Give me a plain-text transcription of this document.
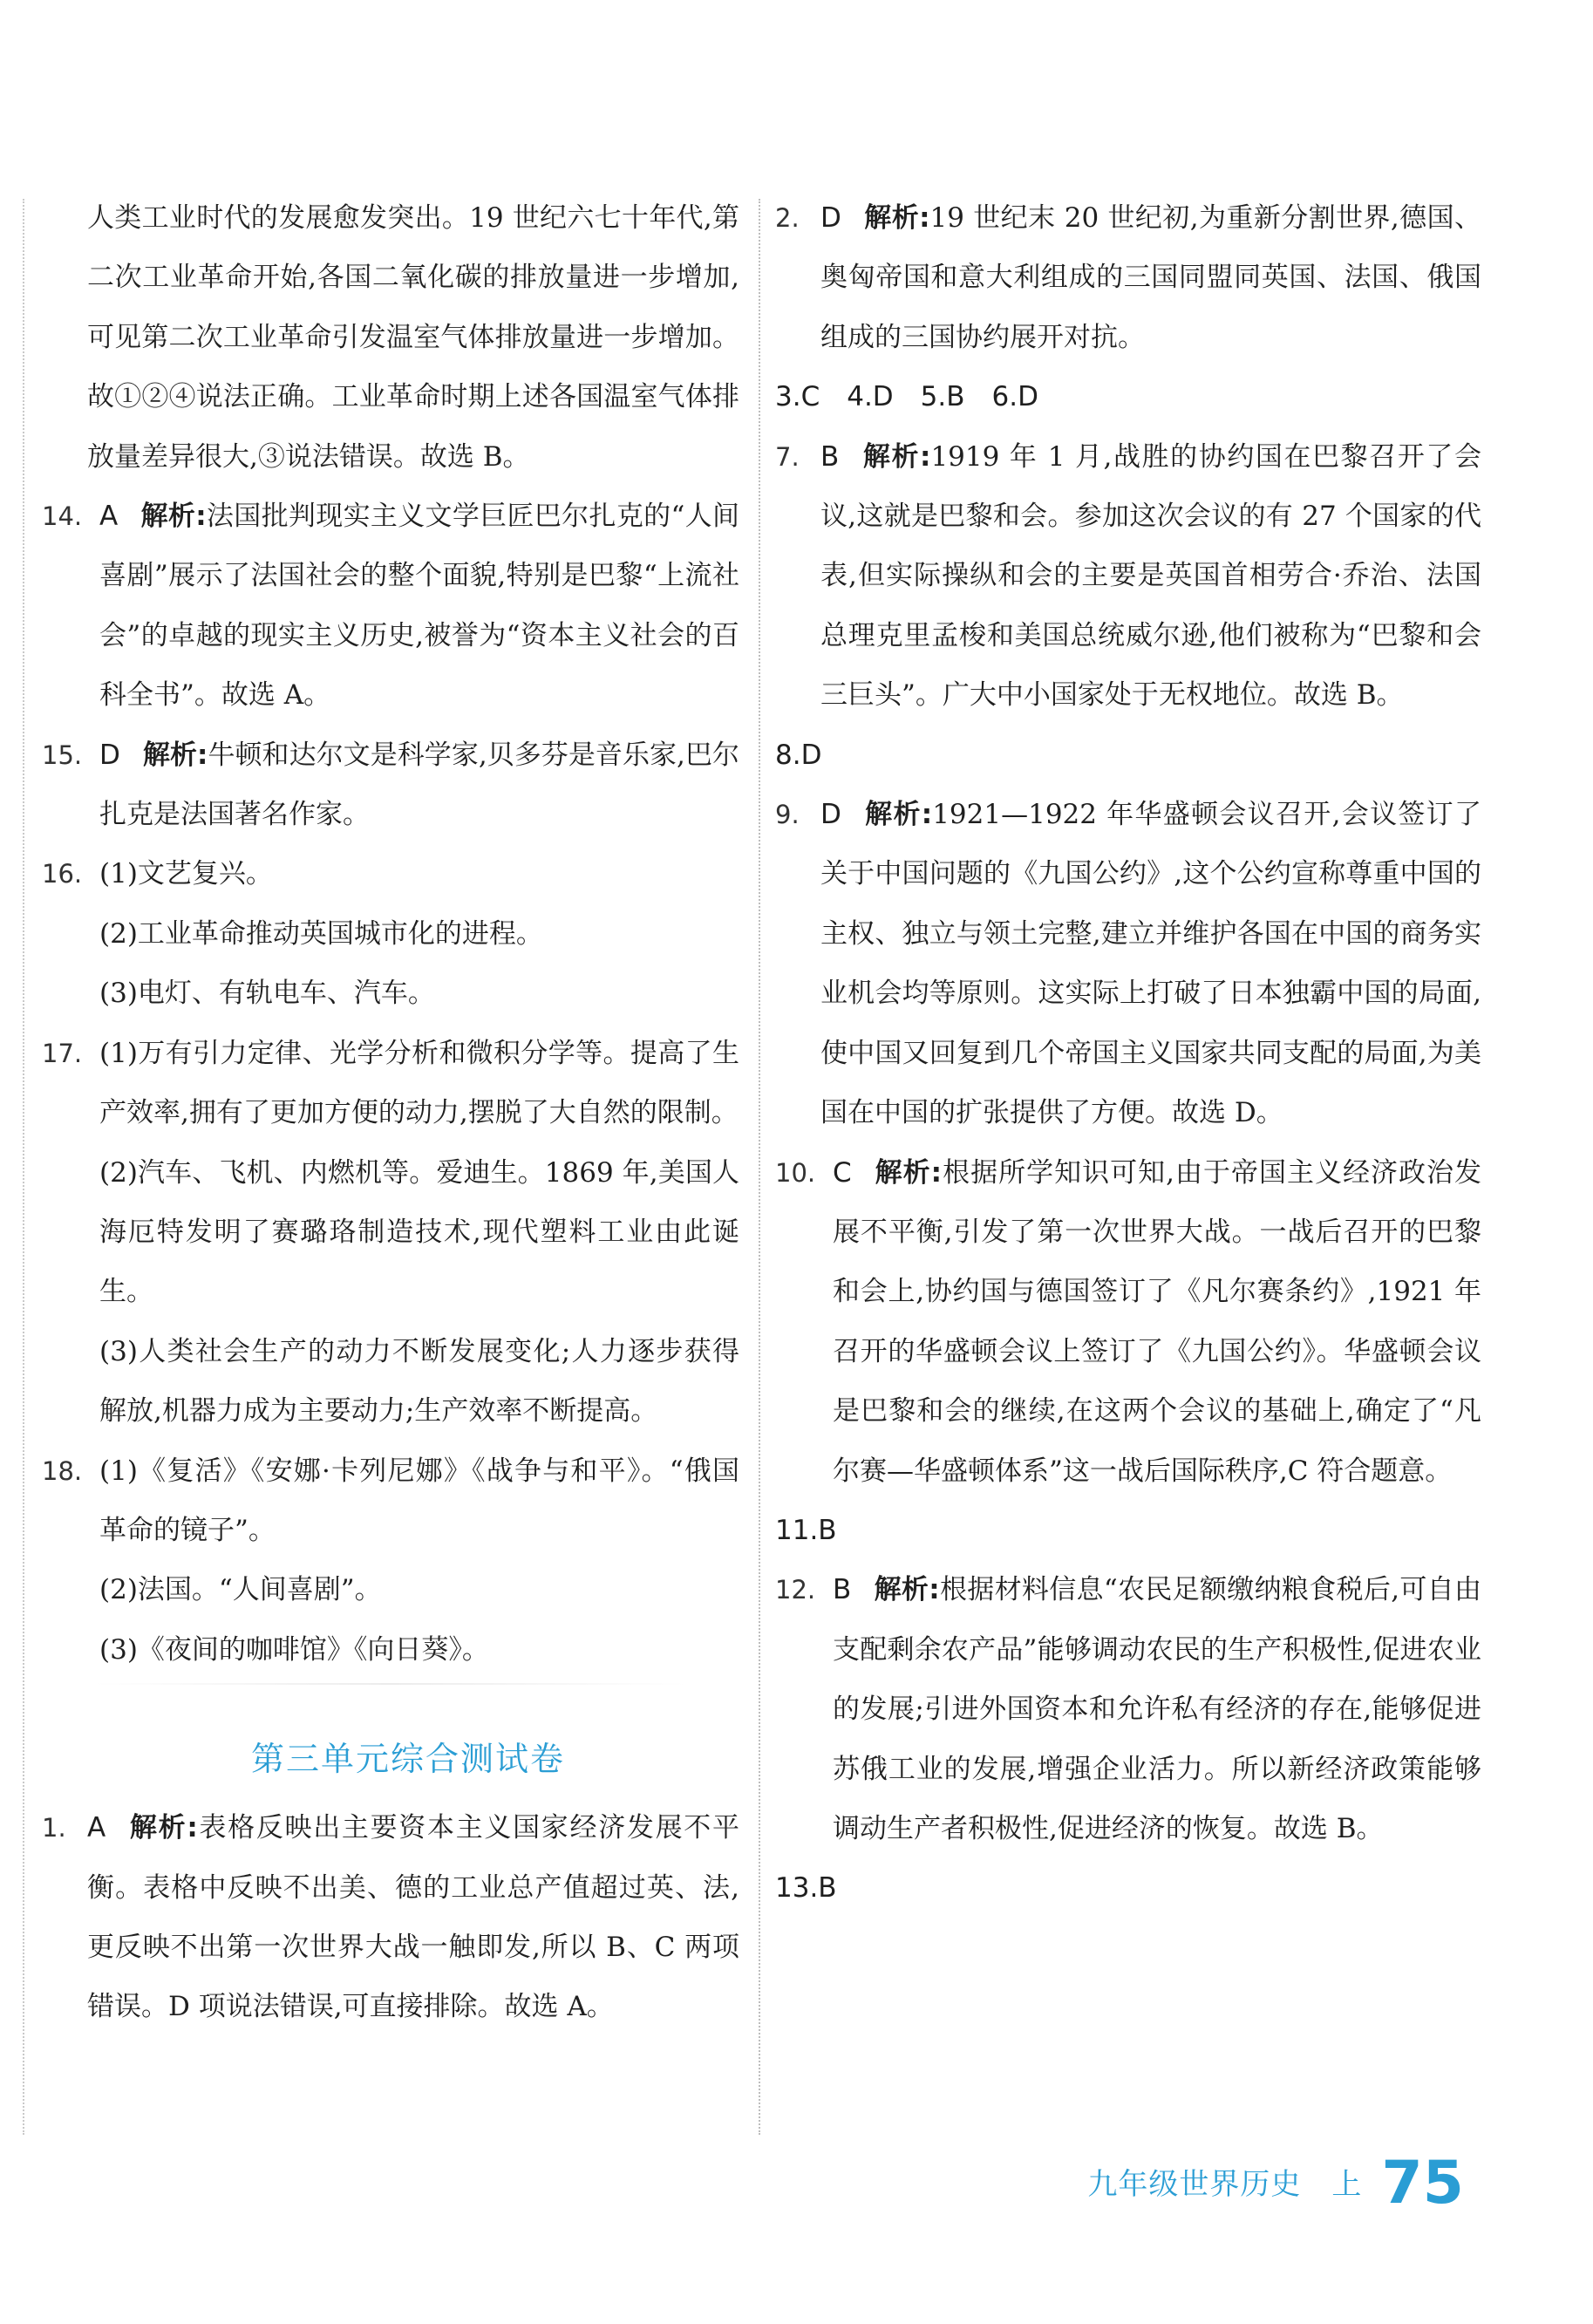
人类工业时代的发展愈发突出。19 世纪六七十年代,第二次工业革命开始,各国二氧化碳的排放量进一步增加,可见第二次工业革命引发温室气体排放量进一步增加。故①②④说法正确。工业革命时期上述各国温室气体排放量差异很大,③说法错误。故选 B。
14. A 解析:法国批判现实主义文学巨匠巴尔扎克的“人间喜剧”展示了法国社会的整个面貌,特别是巴黎“上流社会”的卓越的现实主义历史,被誉为“资本主义社会的百科全书”。故选 A。
15. D 解析:牛顿和达尔文是科学家,贝多芬是音乐家,巴尔扎克是法国著名作家。
16. (1)文艺复兴。
(2)工业革命推动英国城市化的进程。
(3)电灯、有轨电车、汽车。
17. (1)万有引力定律、光学分析和微积分学等。提高了生产效率,拥有了更加方便的动力,摆脱了大自然的限制。
(2)汽车、飞机、内燃机等。爱迪生。1869 年,美国人海厄特发明了赛璐珞制造技术,现代塑料工业由此诞生。
(3)人类社会生产的动力不断发展变化;人力逐步获得解放,机器力成为主要动力;生产效率不断提高。
18. (1)《复活》《安娜·卡列尼娜》《战争与和平》。“俄国革命的镜子”。
(2)法国。“人间喜剧”。
(3)《夜间的咖啡馆》《向日葵》。
第三单元综合测试卷
1. A 解析:表格反映出主要资本主义国家经济发展不平衡。表格中反映不出美、德的工业总产值超过英、法,更反映不出第一次世界大战一触即发,所以 B、C 两项错误。D 项说法错误,可直接排除。故选 A。
2. D 解析:19 世纪末 20 世纪初,为重新分割世界,德国、奥匈帝国和意大利组成的三国同盟同英国、法国、俄国组成的三国协约展开对抗。
3.C　4.D　5.B　6.D
7. B 解析:1919 年 1 月,战胜的协约国在巴黎召开了会议,这就是巴黎和会。参加这次会议的有 27 个国家的代表,但实际操纵和会的主要是英国首相劳合·乔治、法国总理克里孟梭和美国总统威尔逊,他们被称为“巴黎和会三巨头”。广大中小国家处于无权地位。故选 B。
8.D
9. D 解析:1921—1922 年华盛顿会议召开,会议签订了关于中国问题的《九国公约》,这个公约宣称尊重中国的主权、独立与领土完整,建立并维护各国在中国的商务实业机会均等原则。这实际上打破了日本独霸中国的局面,使中国又回复到几个帝国主义国家共同支配的局面,为美国在中国的扩张提供了方便。故选 D。
10. C 解析:根据所学知识可知,由于帝国主义经济政治发展不平衡,引发了第一次世界大战。一战后召开的巴黎和会上,协约国与德国签订了《凡尔赛条约》,1921 年召开的华盛顿会议上签订了《九国公约》。华盛顿会议是巴黎和会的继续,在这两个会议的基础上,确定了“凡尔赛—华盛顿体系”这一战后国际秩序,C 符合题意。
11.B
12. B 解析:根据材料信息“农民足额缴纳粮食税后,可自由支配剩余农产品”能够调动农民的生产积极性,促进农业的发展;引进外国资本和允许私有经济的存在,能够促进苏俄工业的发展,增强企业活力。所以新经济政策能够调动生产者积极性,促进经济的恢复。故选 B。
13.B
九年级世界历史　上 75
